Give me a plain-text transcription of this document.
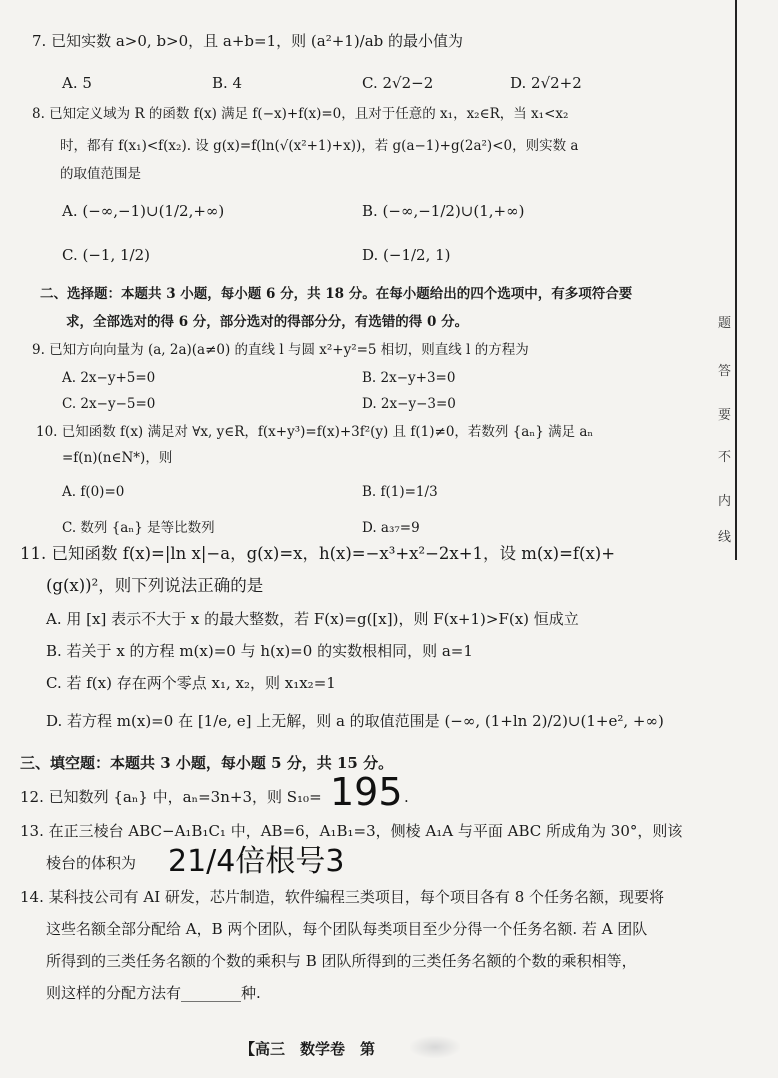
7. 已知实数 a>0, b>0，且 a+b=1，则 (a²+1)/ab 的最小值为
A. 5	B. 4	C. 2√2−2	D. 2√2+2
8. 已知定义域为 R 的函数 f(x) 满足 f(−x)+f(x)=0，且对于任意的 x₁，x₂∈R，当 x₁<x₂
时，都有 f(x₁)<f(x₂). 设 g(x)=f(ln(√(x²+1)+x))，若 g(a−1)+g(2a²)<0，则实数 a
的取值范围是
A. (−∞,−1)∪(1/2,+∞)	B. (−∞,−1/2)∪(1,+∞)
C. (−1, 1/2)	D. (−1/2, 1)
二、选择题：本题共 3 小题，每小题 6 分，共 18 分。在每小题给出的四个选项中，有多项符合要
求，全部选对的得 6 分，部分选对的得部分分，有选错的得 0 分。
9. 已知方向向量为 (a, 2a)(a≠0) 的直线 l 与圆 x²+y²=5 相切，则直线 l 的方程为
A. 2x−y+5=0	B. 2x−y+3=0
C. 2x−y−5=0	D. 2x−y−3=0
10. 已知函数 f(x) 满足对 ∀x, y∈R，f(x+y³)=f(x)+3f²(y) 且 f(1)≠0，若数列 {aₙ} 满足 aₙ
=f(n)(n∈N*)，则
A. f(0)=0	B. f(1)=1/3
C. 数列 {aₙ} 是等比数列	D. a₃₇=9
11. 已知函数 f(x)=|ln x|−a，g(x)=x，h(x)=−x³+x²−2x+1，设 m(x)=f(x)+
(g(x))²，则下列说法正确的是
A. 用 [x] 表示不大于 x 的最大整数，若 F(x)=g([x])，则 F(x+1)>F(x) 恒成立
B. 若关于 x 的方程 m(x)=0 与 h(x)=0 的实数根相同，则 a=1
C. 若 f(x) 存在两个零点 x₁, x₂，则 x₁x₂=1
D. 若方程 m(x)=0 在 [1/e, e] 上无解，则 a 的取值范围是 (−∞, (1+ln 2)/2)∪(1+e², +∞)
三、填空题：本题共 3 小题，每小题 5 分，共 15 分。
12. 已知数列 {aₙ} 中，aₙ=3n+3，则 S₁₀= 195 .
13. 在正三棱台 ABC−A₁B₁C₁ 中，AB=6，A₁B₁=3，侧棱 A₁A 与平面 ABC 所成角为 30°，则该
棱台的体积为 21/4倍根号3
14. 某科技公司有 AI 研发，芯片制造，软件编程三类项目，每个项目各有 8 个任务名额，现要将
这些名额全部分配给 A，B 两个团队，每个团队每类项目至少分得一个任务名额. 若 A 团队
所得到的三类任务名额的个数的乘积与 B 团队所得到的三类任务名额的个数的乘积相等，
则这样的分配方法有________种.
题
答
要
不
内
线
【高三　数学卷　第
